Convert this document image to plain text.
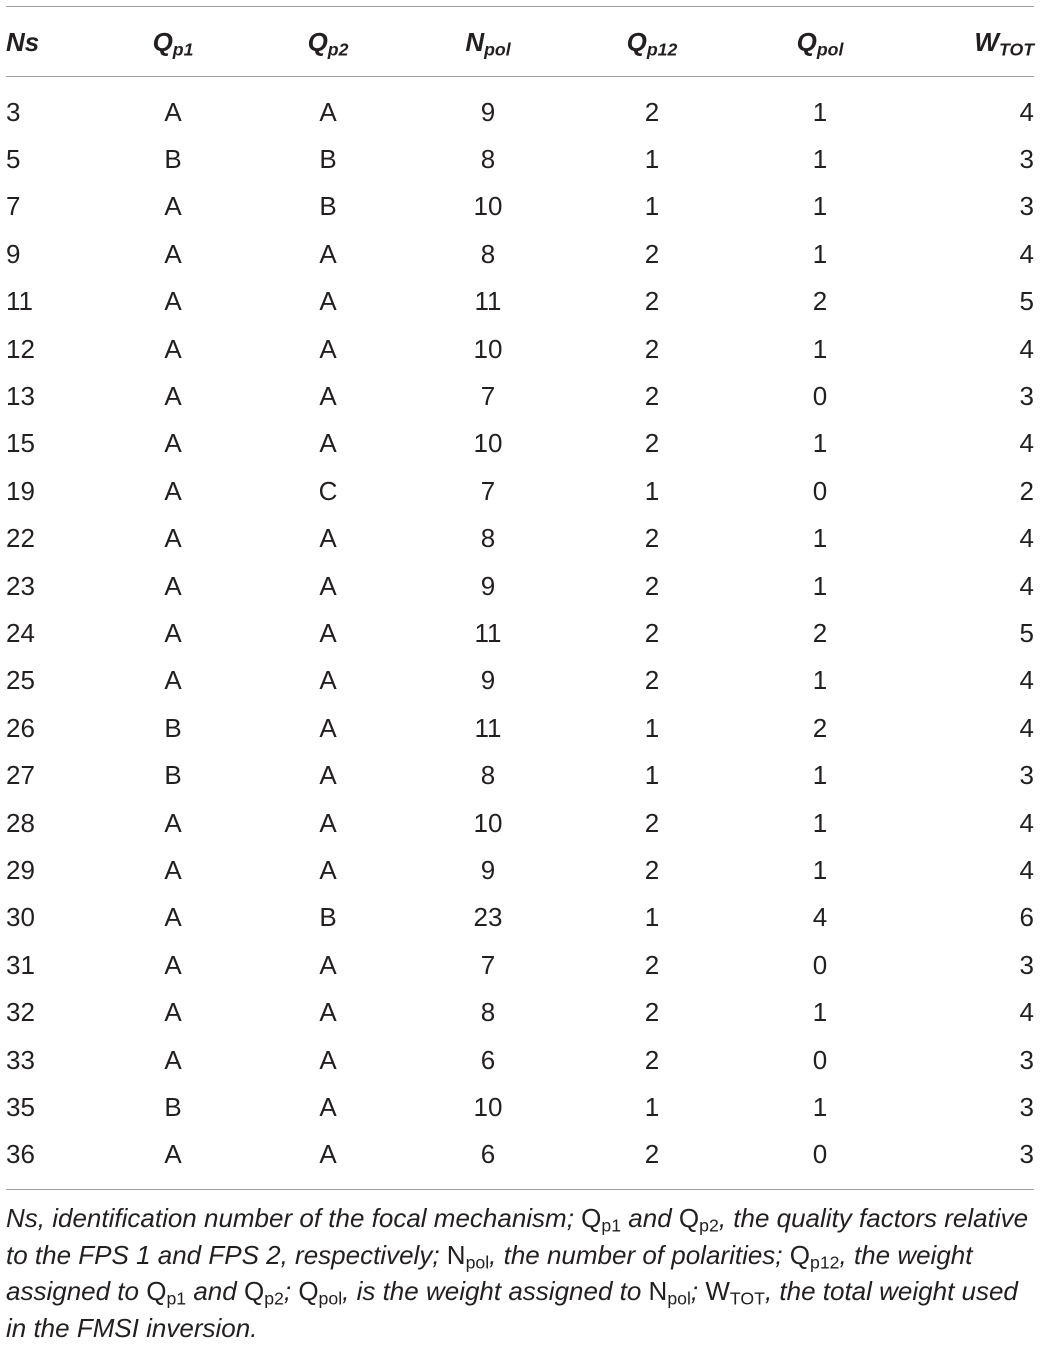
Ns	$Q_{p1}$	$Q_{p2}$	$N_{pol}$	$Q_{p12}$	$Q_{pol}$	$W_{TOT}$

3	A	A	9	2	1	4
5	B	B	8	1	1	3
7	A	B	10	1	1	3
9	A	A	8	2	1	4
11	A	A	11	2	2	5
12	A	A	10	2	1	4
13	A	A	7	2	0	3
15	A	A	10	2	1	4
19	A	C	7	1	0	2
22	A	A	8	2	1	4
23	A	A	9	2	1	4
24	A	A	11	2	2	5
25	A	A	9	2	1	4
26	B	A	11	1	2	4
27	B	A	8	1	1	3
28	A	A	10	2	1	4
29	A	A	9	2	1	4
30	A	B	23	1	4	6
31	A	A	7	2	0	3
32	A	A	8	2	1	4
33	A	A	6	2	0	3
35	B	A	10	1	1	3
36	A	A	6	2	0	3
Ns, identification number of the focal mechanism; $Q_{p1}$ and $Q_{p2}$, the quality factors relative to the FPS 1 and FPS 2, respectively; $N_{pol}$, the number of polarities; $Q_{p12}$, the weight assigned to $Q_{p1}$ and $Q_{p2}$; $Q_{pol}$, is the weight assigned to $N_{pol}$; $W_{TOT}$, the total weight used in the FMSI inversion.
